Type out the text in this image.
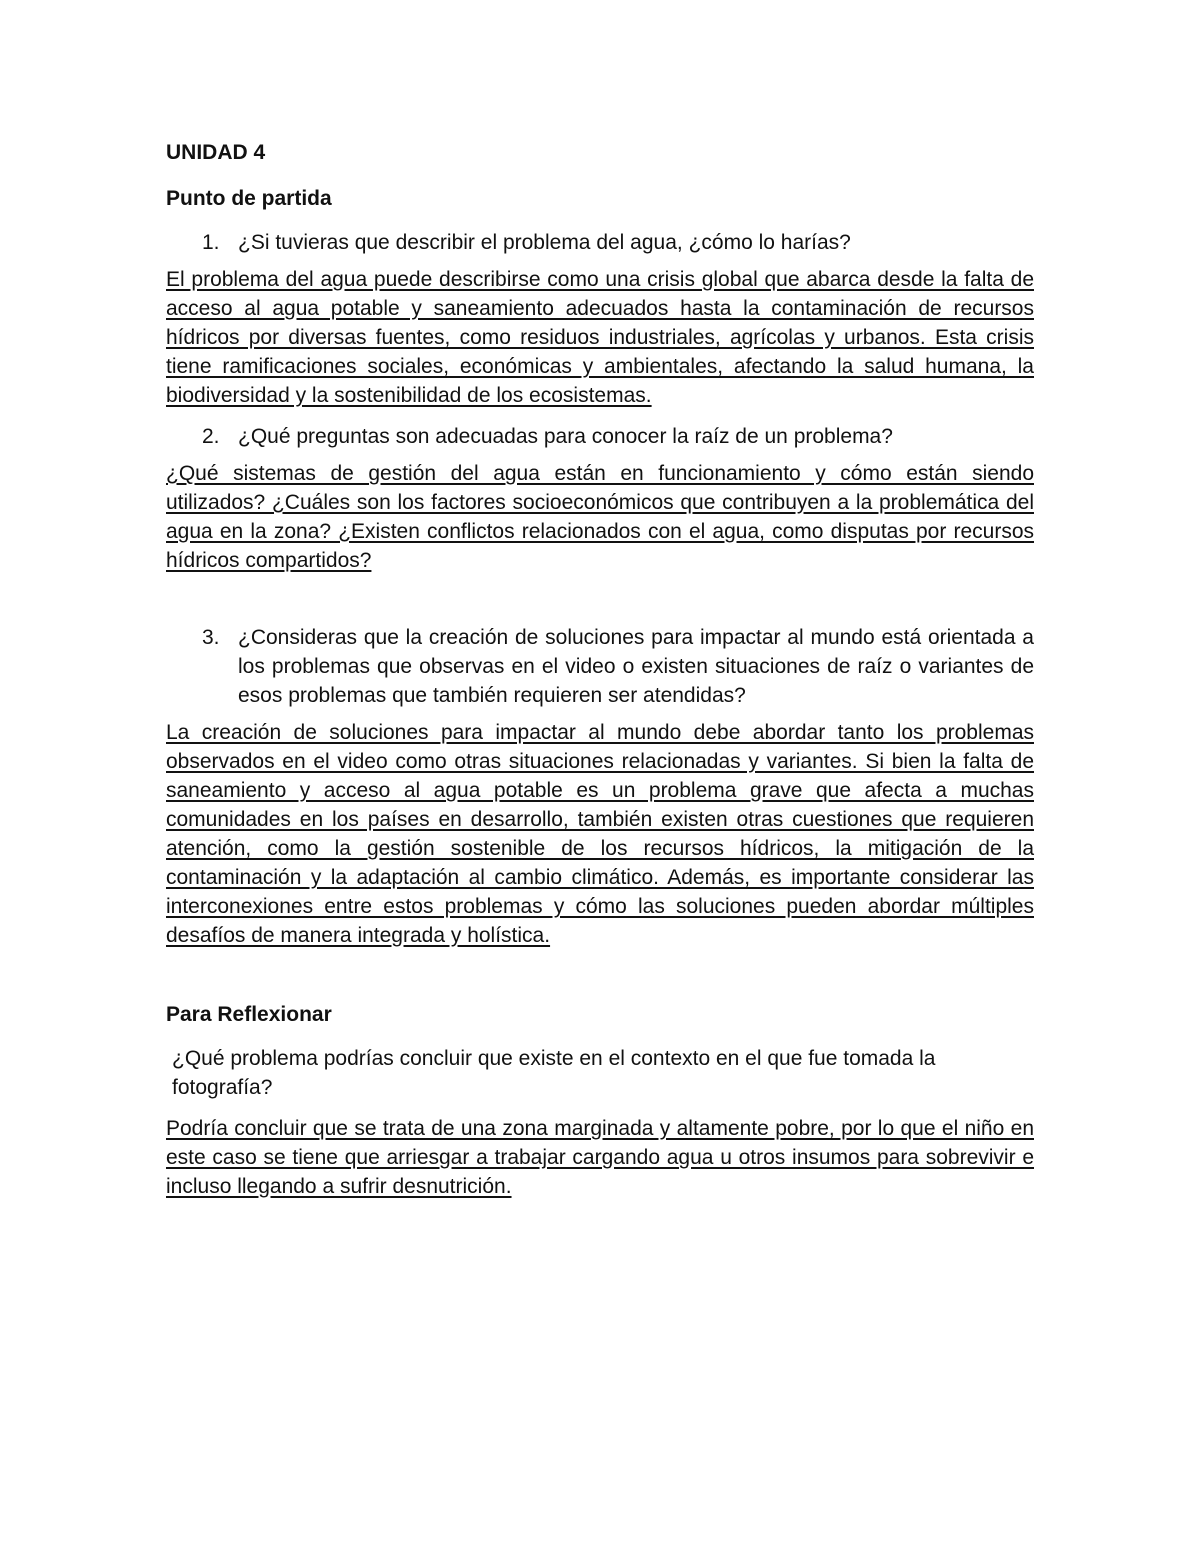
UNIDAD 4

Punto de partida

1. ¿Si tuvieras que describir el problema del agua, ¿cómo lo harías?

El problema del agua puede describirse como una crisis global que abarca desde la falta de acceso al agua potable y saneamiento adecuados hasta la contaminación de recursos hídricos por diversas fuentes, como residuos industriales, agrícolas y urbanos. Esta crisis tiene ramificaciones sociales, económicas y ambientales, afectando la salud humana, la biodiversidad y la sostenibilidad de los ecosistemas.

2. ¿Qué preguntas son adecuadas para conocer la raíz de un problema?

¿Qué sistemas de gestión del agua están en funcionamiento y cómo están siendo utilizados? ¿Cuáles son los factores socioeconómicos que contribuyen a la problemática del agua en la zona? ¿Existen conflictos relacionados con el agua, como disputas por recursos hídricos compartidos?

3. ¿Consideras que la creación de soluciones para impactar al mundo está orientada a los problemas que observas en el video o existen situaciones de raíz o variantes de esos problemas que también requieren ser atendidas?

La creación de soluciones para impactar al mundo debe abordar tanto los problemas observados en el video como otras situaciones relacionadas y variantes. Si bien la falta de saneamiento y acceso al agua potable es un problema grave que afecta a muchas comunidades en los países en desarrollo, también existen otras cuestiones que requieren atención, como la gestión sostenible de los recursos hídricos, la mitigación de la contaminación y la adaptación al cambio climático. Además, es importante considerar las interconexiones entre estos problemas y cómo las soluciones pueden abordar múltiples desafíos de manera integrada y holística.

Para Reflexionar

¿Qué problema podrías concluir que existe en el contexto en el que fue tomada la fotografía?

Podría concluir que se trata de una zona marginada y altamente pobre, por lo que el niño en este caso se tiene que arriesgar a trabajar cargando agua u otros insumos para sobrevivir e incluso llegando a sufrir desnutrición.
